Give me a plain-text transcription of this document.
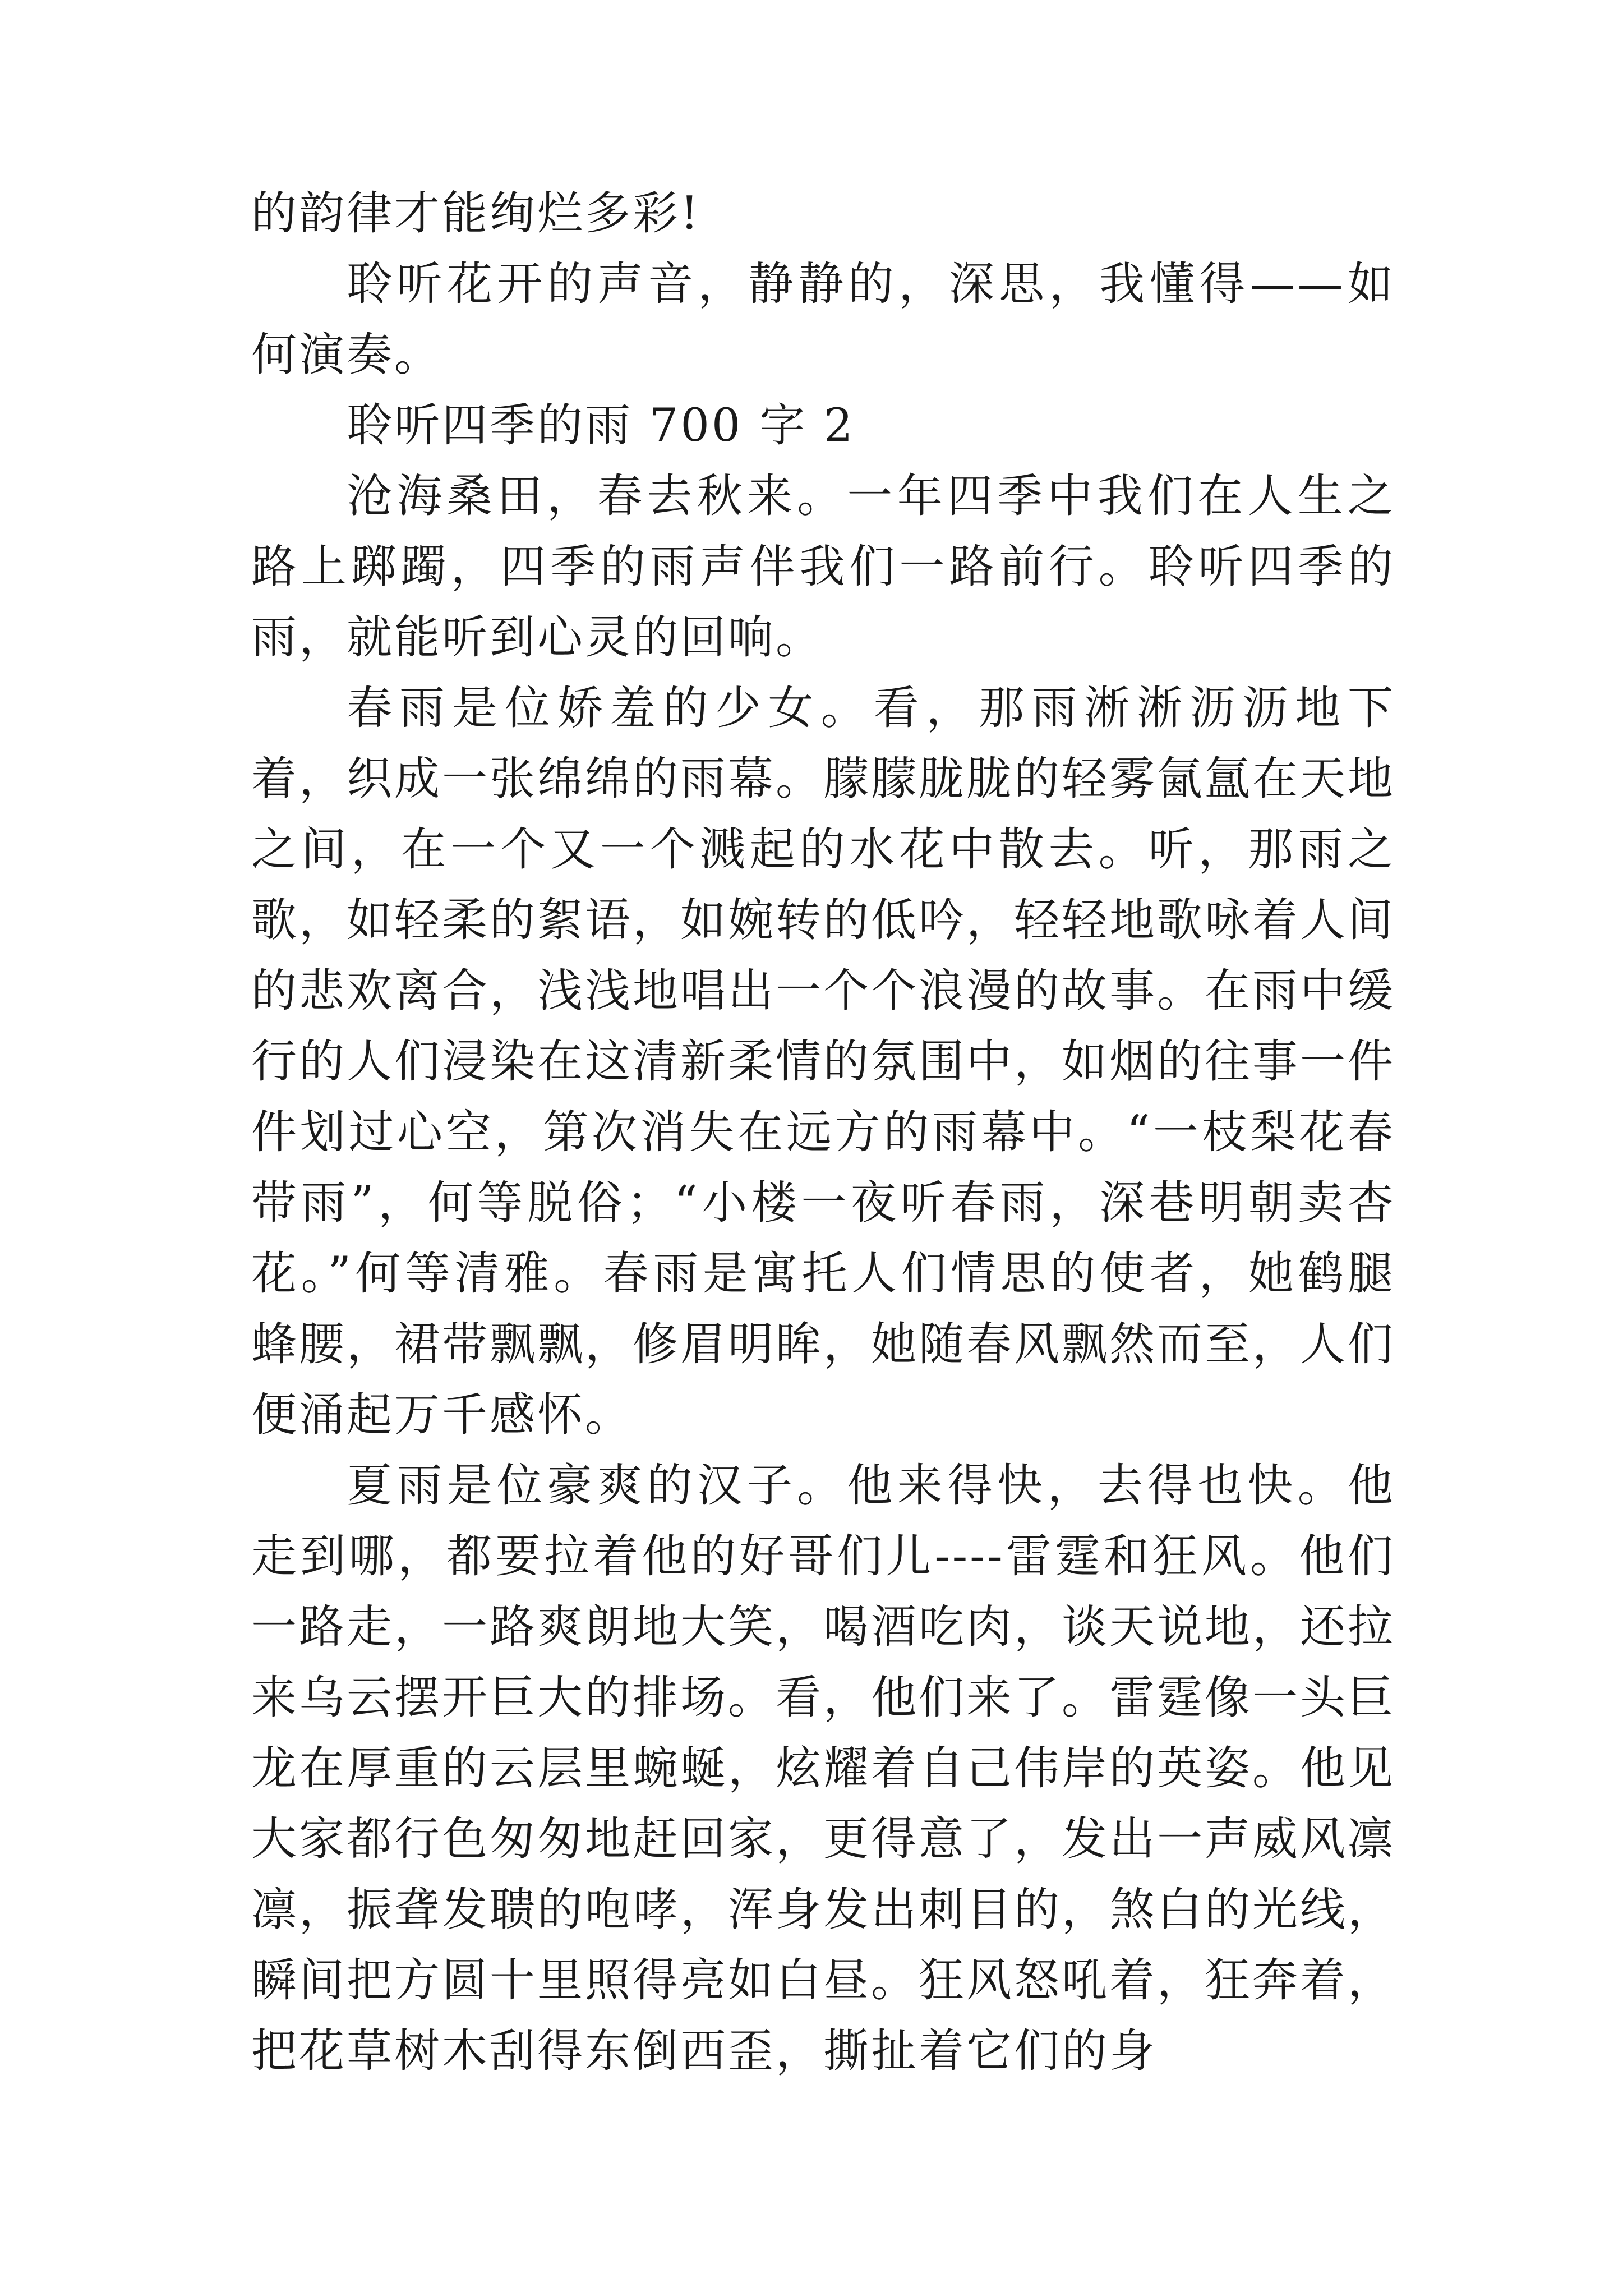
的韵律才能绚烂多彩!

聆听花开的声音，静静的，深思，我懂得——如何演奏。

聆听四季的雨 700 字 2

沧海桑田，春去秋来。一年四季中我们在人生之路上踯躅，四季的雨声伴我们一路前行。聆听四季的雨，就能听到心灵的回响。

春雨是位娇羞的少女。看，那雨淅淅沥沥地下着，织成一张绵绵的雨幕。朦朦胧胧的轻雾氤氲在天地之间，在一个又一个溅起的水花中散去。听，那雨之歌，如轻柔的絮语，如婉转的低吟，轻轻地歌咏着人间的悲欢离合，浅浅地唱出一个个浪漫的故事。在雨中缓行的人们浸染在这清新柔情的氛围中，如烟的往事一件件划过心空，第次消失在远方的雨幕中。“一枝梨花春带雨”，何等脱俗；“小楼一夜听春雨，深巷明朝卖杏花。”何等清雅。春雨是寓托人们情思的使者，她鹤腿蜂腰，裙带飘飘，修眉明眸，她随春风飘然而至，人们便涌起万千感怀。

夏雨是位豪爽的汉子。他来得快，去得也快。他走到哪，都要拉着他的好哥们儿----雷霆和狂风。他们一路走，一路爽朗地大笑，喝酒吃肉，谈天说地，还拉来乌云摆开巨大的排场。看，他们来了。雷霆像一头巨龙在厚重的云层里蜿蜒，炫耀着自己伟岸的英姿。他见大家都行色匆匆地赶回家，更得意了，发出一声威风凛凛，振聋发聩的咆哮，浑身发出刺目的，煞白的光线，瞬间把方圆十里照得亮如白昼。狂风怒吼着，狂奔着，把花草树木刮得东倒西歪，撕扯着它们的身
